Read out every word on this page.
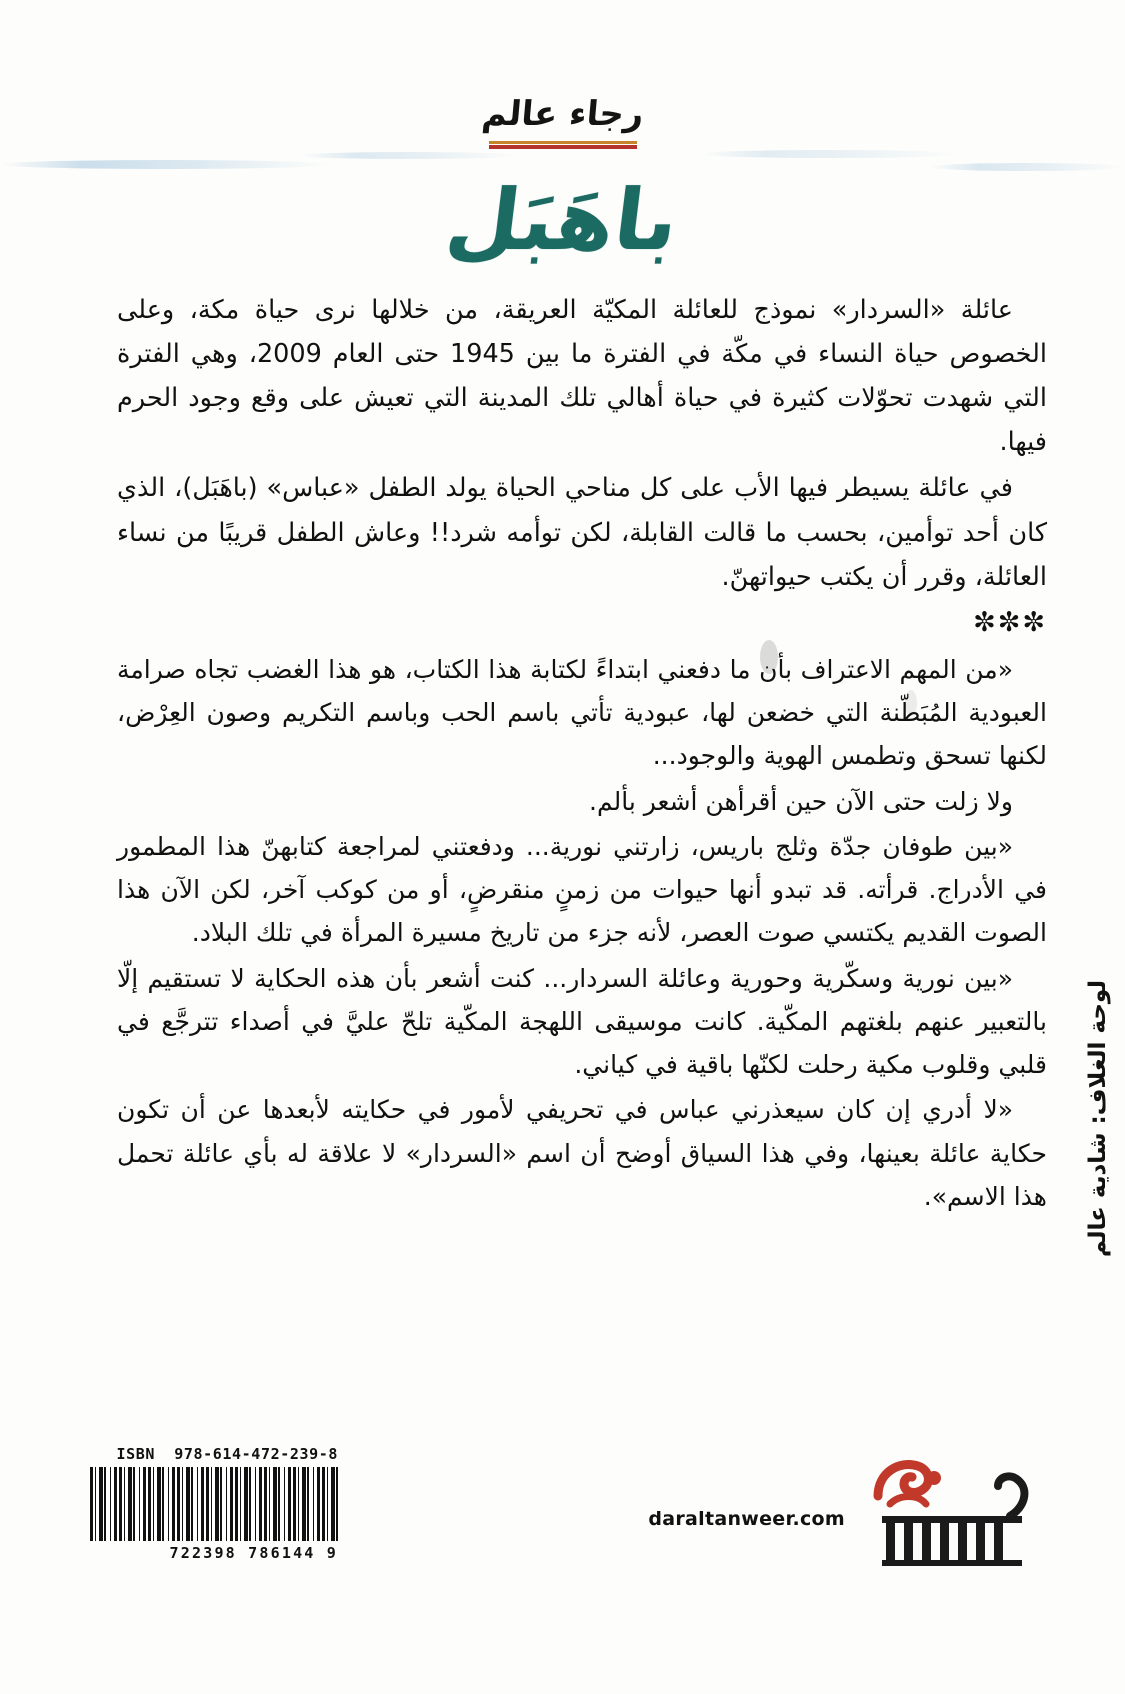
رجاء عالم
باهَبَل

عائلة «السردار» نموذج للعائلة المكيّة العريقة، من خلالها نرى حياة مكة، وعلى الخصوص حياة النساء في مكّة في الفترة ما بين 1945 حتى العام 2009، وهي الفترة التي شهدت تحوّلات كثيرة في حياة أهالي تلك المدينة التي تعيش على وقع وجود الحرم فيها.

في عائلة يسيطر فيها الأب على كل مناحي الحياة يولد الطفل «عباس» (باهَبَل)، الذي كان أحد توأمين، بحسب ما قالت القابلة، لكن توأمه شرد!! وعاش الطفل قريبًا من نساء العائلة، وقرر أن يكتب حيواتهنّ.

✼✼✼

«من المهم الاعتراف بأن ما دفعني ابتداءً لكتابة هذا الكتاب، هو هذا الغضب تجاه صرامة العبودية المُبَطّنة التي خضعن لها، عبودية تأتي باسم الحب وباسم التكريم وصون العِرْض، لكنها تسحق وتطمس الهوية والوجود...

ولا زلت حتى الآن حين أقرأهن أشعر بألم.

«بين طوفان جدّة وثلج باريس، زارتني نورية... ودفعتني لمراجعة كتابهنّ هذا المطمور في الأدراج. قرأته. قد تبدو أنها حيوات من زمنٍ منقرضٍ، أو من كوكب آخر، لكن الآن هذا الصوت القديم يكتسي صوت العصر، لأنه جزء من تاريخ مسيرة المرأة في تلك البلاد.

«بين نورية وسكّرية وحورية وعائلة السردار... كنت أشعر بأن هذه الحكاية لا تستقيم إلّا بالتعبير عنهم بلغتهم المكّية. كانت موسيقى اللهجة المكّية تلحّ عليَّ في أصداء تترجَّع في قلبي وقلوب مكية رحلت لكنّها باقية في كياني.

«لا أدري إن كان سيعذرني عباس في تحريفي لأمور في حكايته لأبعدها عن أن تكون حكاية عائلة بعينها، وفي هذا السياق أوضح أن اسم «السردار» لا علاقة له بأي عائلة تحمل هذا الاسم». لوحة الغلاف: شادية عالم
ISBN 978-614-472-239-8
9 786144 722398
daraltanweer.com
